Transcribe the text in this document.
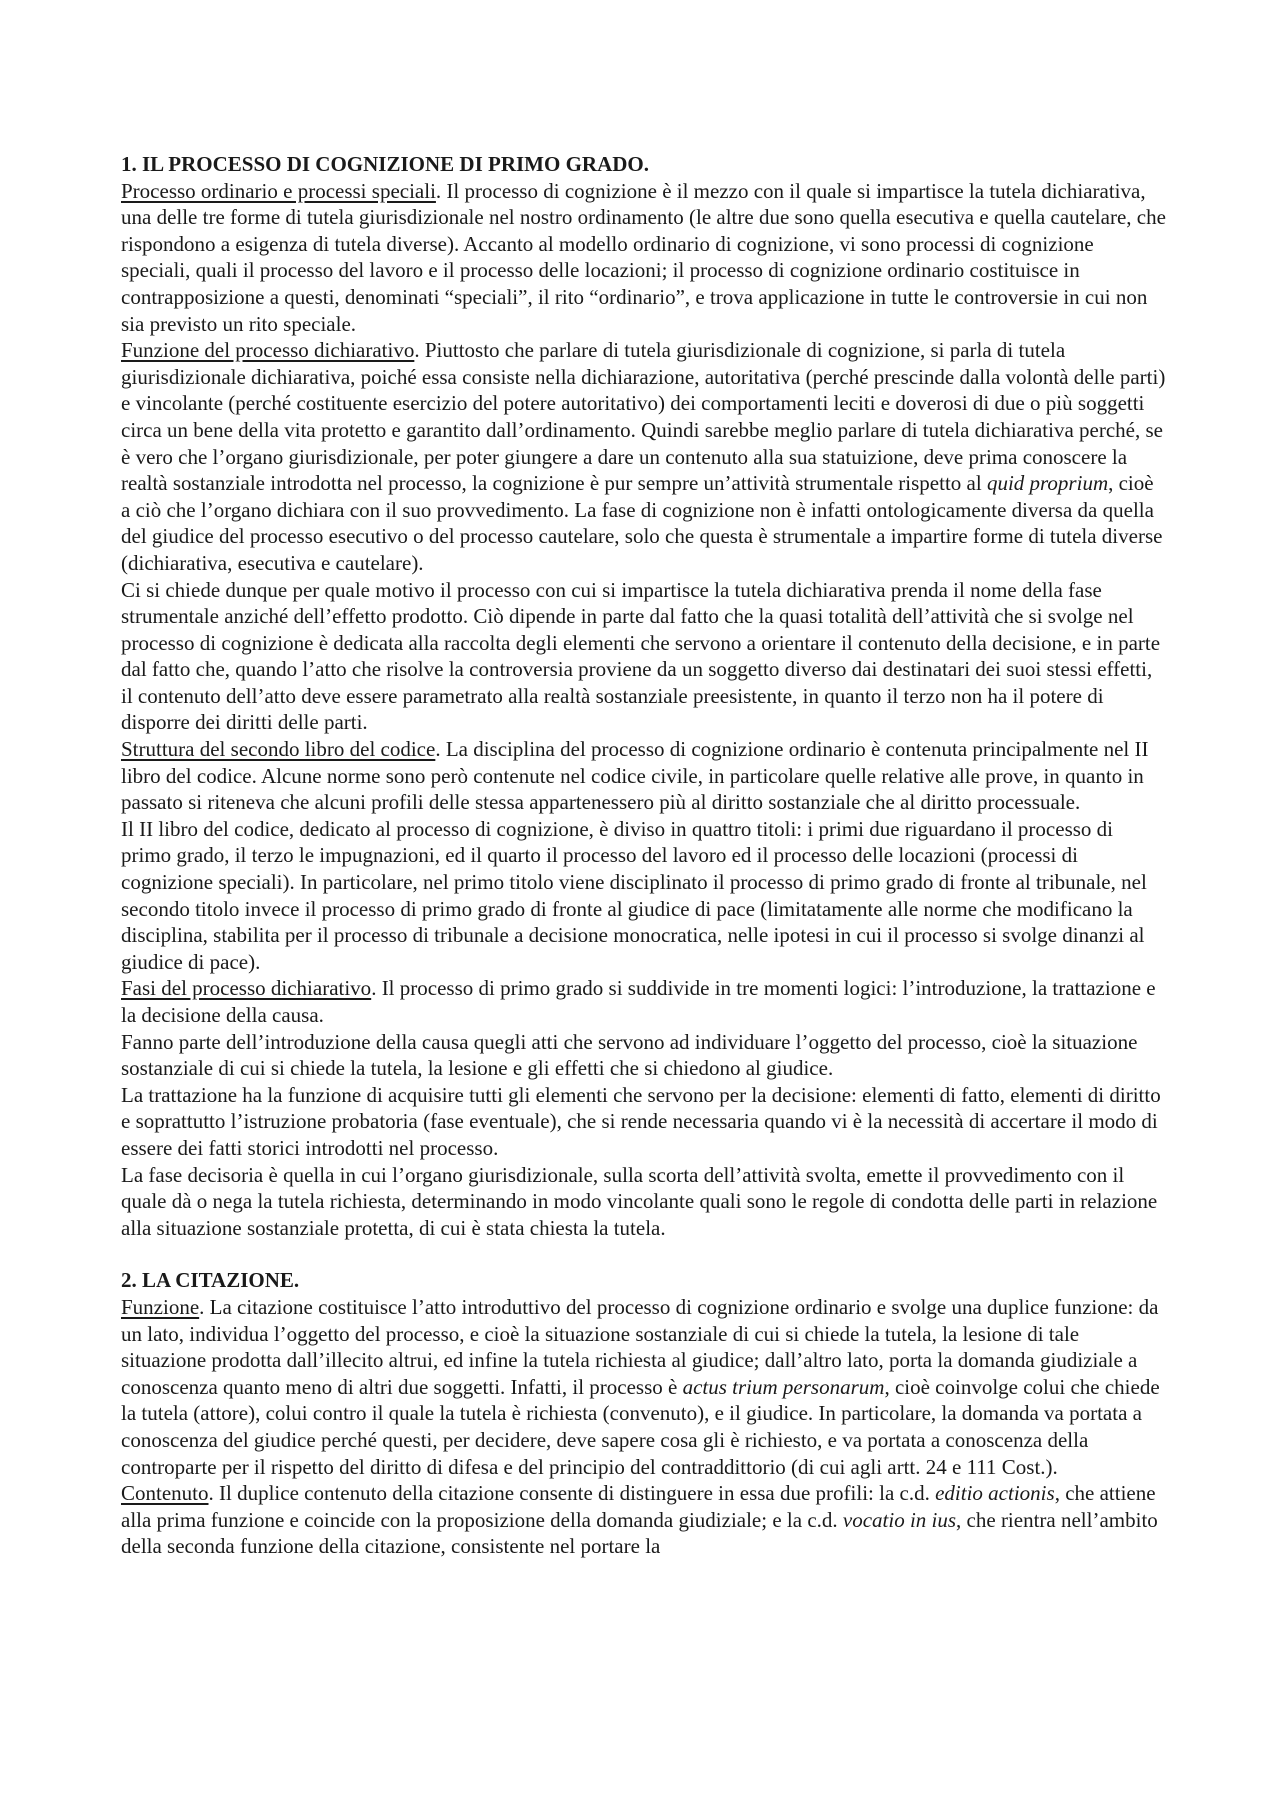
1. IL PROCESSO DI COGNIZIONE DI PRIMO GRADO.

Processo ordinario e processi speciali. Il processo di cognizione è il mezzo con il quale si impartisce la tutela dichiarativa, una delle tre forme di tutela giurisdizionale nel nostro ordinamento (le altre due sono quella esecutiva e quella cautelare, che rispondono a esigenza di tutela diverse). Accanto al modello ordinario di cognizione, vi sono processi di cognizione speciali, quali il processo del lavoro e il processo delle locazioni; il processo di cognizione ordinario costituisce in contrapposizione a questi, denominati “speciali”, il rito “ordinario”, e trova applicazione in tutte le controversie in cui non sia previsto un rito speciale.

Funzione del processo dichiarativo. Piuttosto che parlare di tutela giurisdizionale di cognizione, si parla di tutela giurisdizionale dichiarativa, poiché essa consiste nella dichiarazione, autoritativa (perché prescinde dalla volontà delle parti) e vincolante (perché costituente esercizio del potere autoritativo) dei comportamenti leciti e doverosi di due o più soggetti circa un bene della vita protetto e garantito dall’ordinamento. Quindi sarebbe meglio parlare di tutela dichiarativa perché, se è vero che l’organo giurisdizionale, per poter giungere a dare un contenuto alla sua statuizione, deve prima conoscere la realtà sostanziale introdotta nel processo, la cognizione è pur sempre un’attività strumentale rispetto al quid proprium, cioè a ciò che l’organo dichiara con il suo provvedimento. La fase di cognizione non è infatti ontologicamente diversa da quella del giudice del processo esecutivo o del processo cautelare, solo che questa è strumentale a impartire forme di tutela diverse (dichiarativa, esecutiva e cautelare).

Ci si chiede dunque per quale motivo il processo con cui si impartisce la tutela dichiarativa prenda il nome della fase strumentale anziché dell’effetto prodotto. Ciò dipende in parte dal fatto che la quasi totalità dell’attività che si svolge nel processo di cognizione è dedicata alla raccolta degli elementi che servono a orientare il contenuto della decisione, e in parte dal fatto che, quando l’atto che risolve la controversia proviene da un soggetto diverso dai destinatari dei suoi stessi effetti, il contenuto dell’atto deve essere parametrato alla realtà sostanziale preesistente, in quanto il terzo non ha il potere di disporre dei diritti delle parti.

Struttura del secondo libro del codice. La disciplina del processo di cognizione ordinario è contenuta principalmente nel II libro del codice. Alcune norme sono però contenute nel codice civile, in particolare quelle relative alle prove, in quanto in passato si riteneva che alcuni profili delle stessa appartenessero più al diritto sostanziale che al diritto processuale.

Il II libro del codice, dedicato al processo di cognizione, è diviso in quattro titoli: i primi due riguardano il processo di primo grado, il terzo le impugnazioni, ed il quarto il processo del lavoro ed il processo delle locazioni (processi di cognizione speciali). In particolare, nel primo titolo viene disciplinato il processo di primo grado di fronte al tribunale, nel secondo titolo invece il processo di primo grado di fronte al giudice di pace (limitatamente alle norme che modificano la disciplina, stabilita per il processo di tribunale a decisione monocratica, nelle ipotesi in cui il processo si svolge dinanzi al giudice di pace).

Fasi del processo dichiarativo. Il processo di primo grado si suddivide in tre momenti logici: l’introduzione, la trattazione e la decisione della causa.

Fanno parte dell’introduzione della causa quegli atti che servono ad individuare l’oggetto del processo, cioè la situazione sostanziale di cui si chiede la tutela, la lesione e gli effetti che si chiedono al giudice.

La trattazione ha la funzione di acquisire tutti gli elementi che servono per la decisione: elementi di fatto, elementi di diritto e soprattutto l’istruzione probatoria (fase eventuale), che si rende necessaria quando vi è la necessità di accertare il modo di essere dei fatti storici introdotti nel processo.

La fase decisoria è quella in cui l’organo giurisdizionale, sulla scorta dell’attività svolta, emette il provvedimento con il quale dà o nega la tutela richiesta, determinando in modo vincolante quali sono le regole di condotta delle parti in relazione alla situazione sostanziale protetta, di cui è stata chiesta la tutela.

2. LA CITAZIONE.

Funzione. La citazione costituisce l’atto introduttivo del processo di cognizione ordinario e svolge una duplice funzione: da un lato, individua l’oggetto del processo, e cioè la situazione sostanziale di cui si chiede la tutela, la lesione di tale situazione prodotta dall’illecito altrui, ed infine la tutela richiesta al giudice; dall’altro lato, porta la domanda giudiziale a conoscenza quanto meno di altri due soggetti. Infatti, il processo è actus trium personarum, cioè coinvolge colui che chiede la tutela (attore), colui contro il quale la tutela è richiesta (convenuto), e il giudice. In particolare, la domanda va portata a conoscenza del giudice perché questi, per decidere, deve sapere cosa gli è richiesto, e va portata a conoscenza della controparte per il rispetto del diritto di difesa e del principio del contraddittorio (di cui agli artt. 24 e 111 Cost.).

Contenuto. Il duplice contenuto della citazione consente di distinguere in essa due profili: la c.d. editio actionis, che attiene alla prima funzione e coincide con la proposizione della domanda giudiziale; e la c.d. vocatio in ius, che rientra nell’ambito della seconda funzione della citazione, consistente nel portare la
